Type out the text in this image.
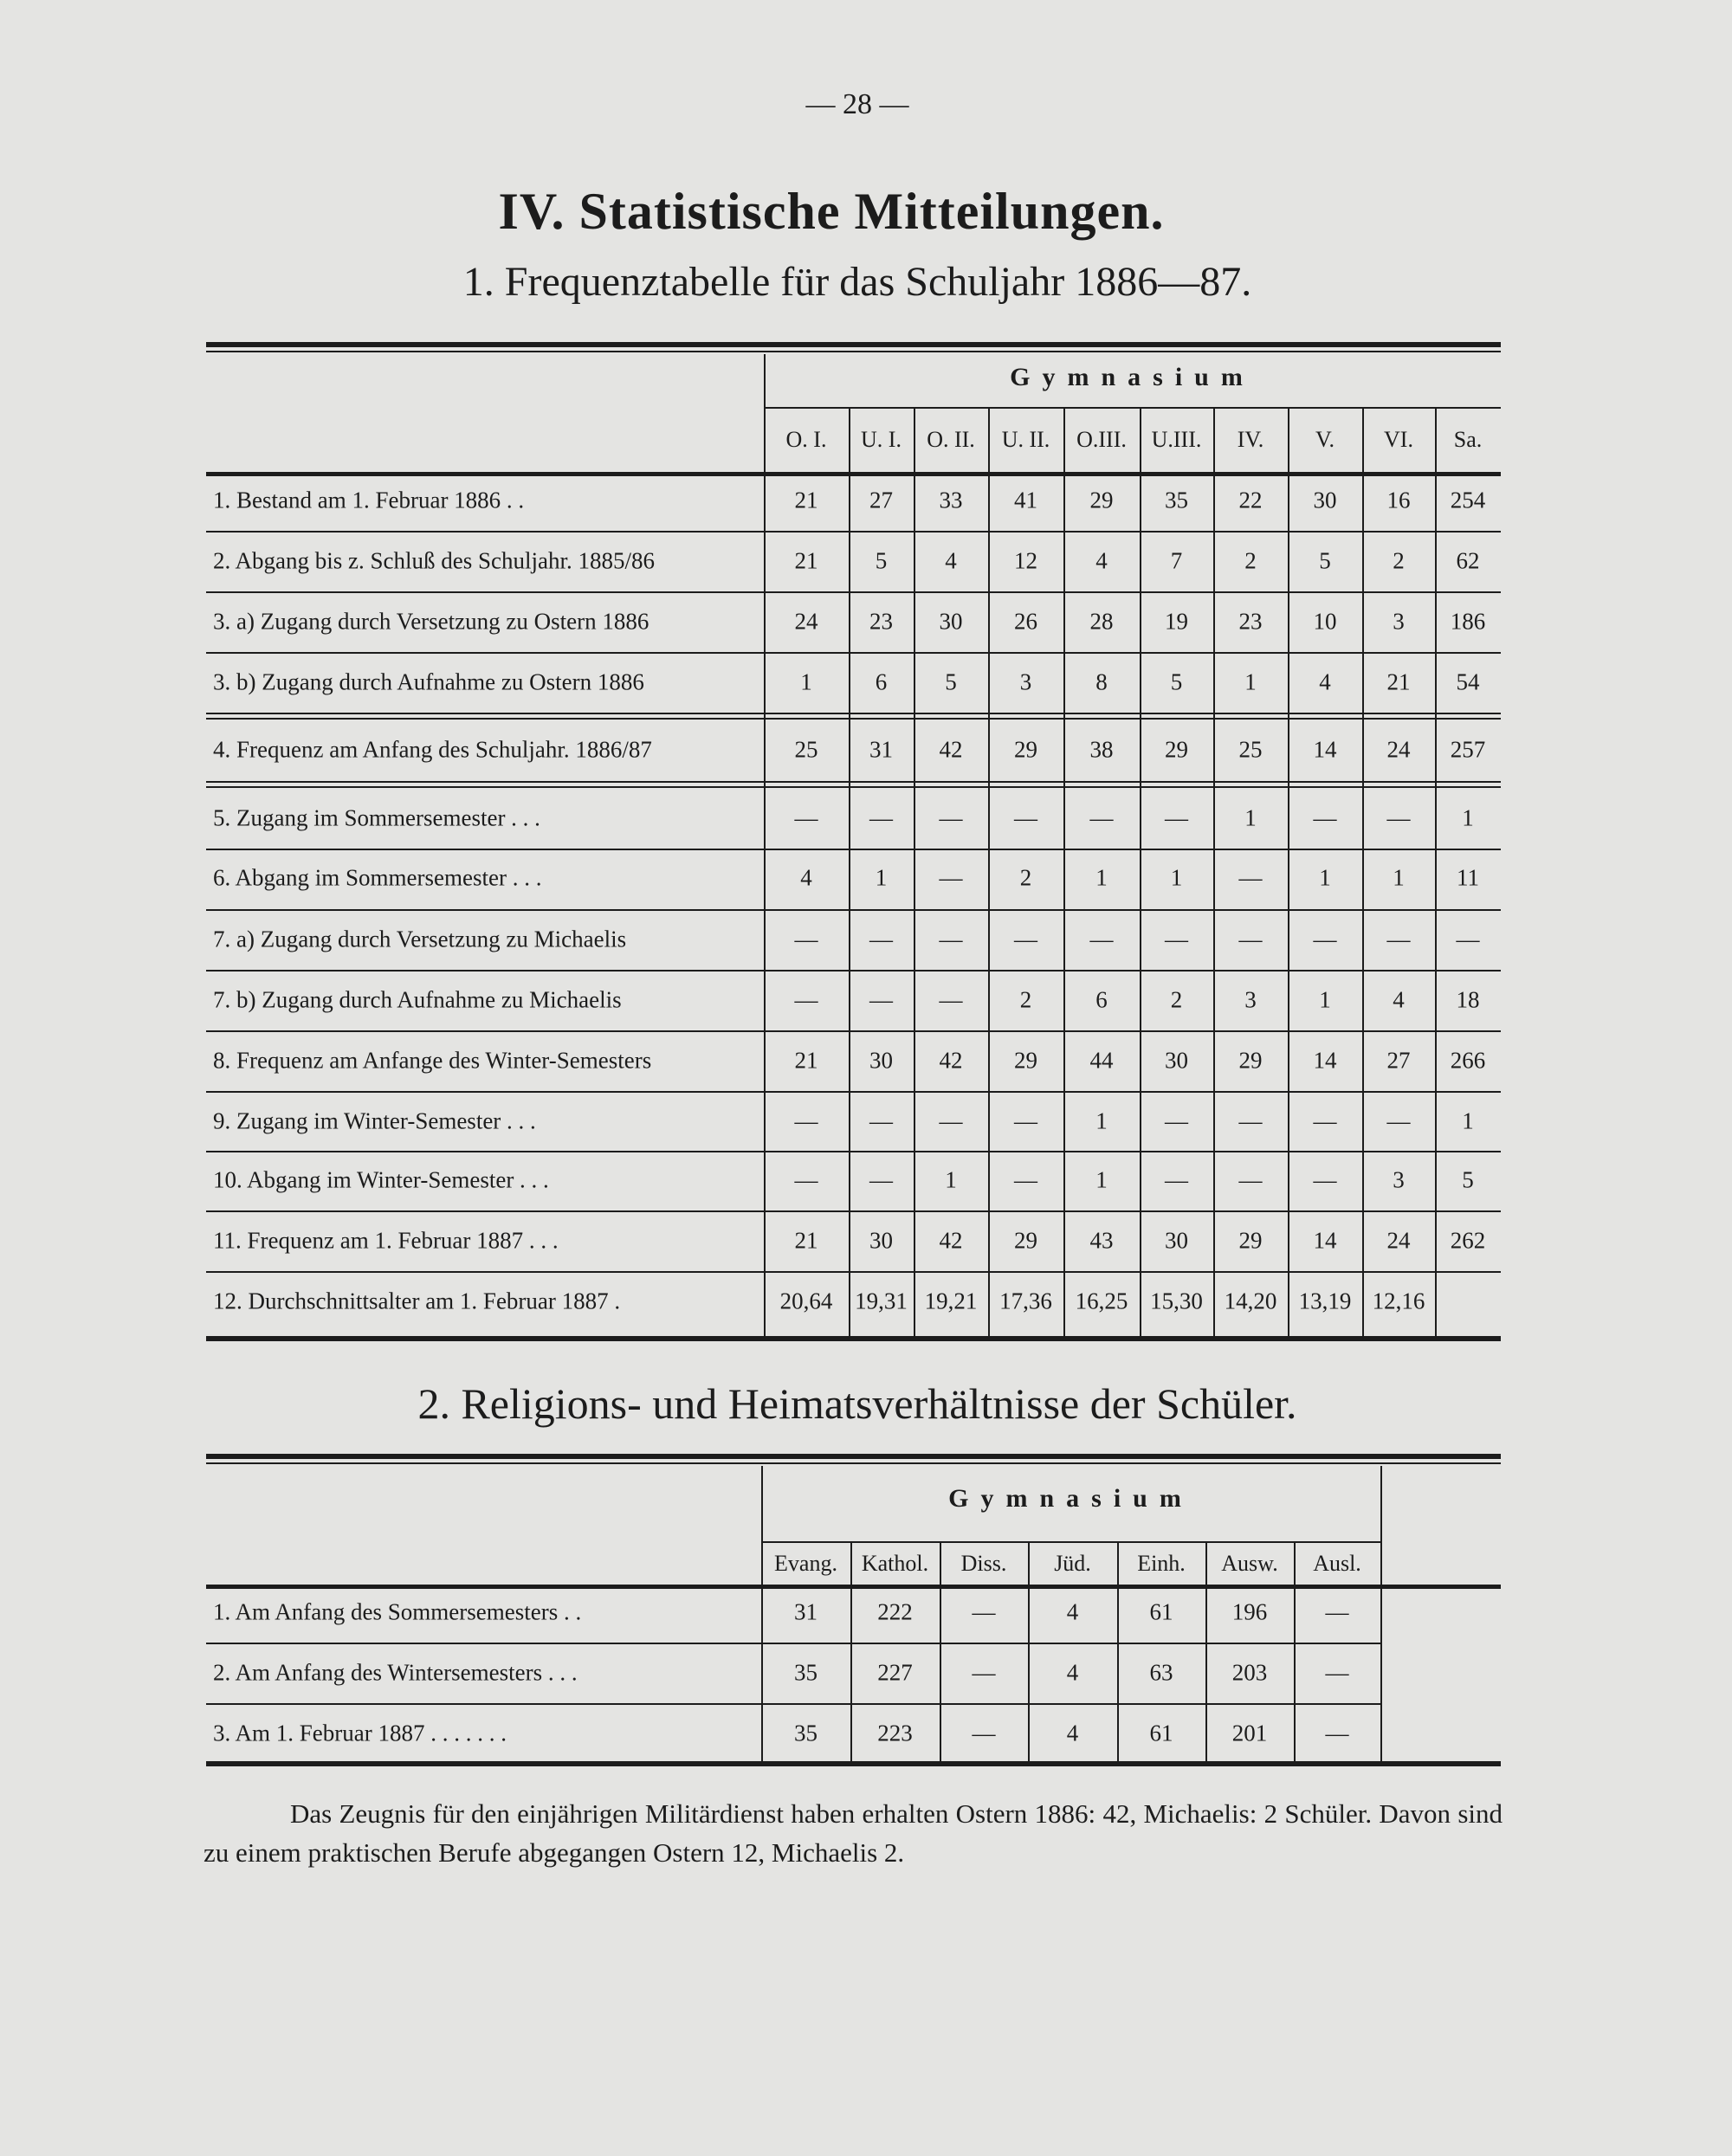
— 28 —
IV. Statistische Mitteilungen.
1. Frequenztabelle für das Schuljahr 1886—87.
Gymnasium
O. I. U. I. O. II. U. II. O.III. U.III. IV. V. VI. Sa.
1. Bestand am 1. Februar 1886 . .	21 27 33 41 29 35 22 30 16 254
2. Abgang bis z. Schluß des Schuljahr. 1885/86	21 5 4 12 4	7	2	5	2 62
3. a) Zugang durch Versetzung zu Ostern 1886	24 23 30 26 28 19 23 10 3 186
3. b) Zugang durch Aufnahme zu Ostern 1886	1	6 5	3	8	5	1	4 21 54
4. Frequenz am Anfang des Schuljahr. 1886/87	25 31 42 29 38 29 25 14 24 257
5. Zugang im Sommersemester . . .	— — — — — — 1 — — 1
6. Abgang im Sommersemester . . .	4	1 — 2	1	1 — 1	1 11
7. a) Zugang durch Versetzung zu Michaelis	— — — — — — — — — —
7. b) Zugang durch Aufnahme zu Michaelis	— — — 2	6	2	3	1	4 18
8. Frequenz am Anfange des Winter-Semesters	21 30 42 29 44 30 29 14 27 266
9. Zugang im Winter-Semester . . .	— — — — 1 — — — — 1
10. Abgang im Winter-Semester . . .	— — 1 — 1 — — — 3 5
11. Frequenz am 1. Februar 1887 . . .	21 30 42 29 43 30 29 14 24 262
12. Durchschnittsalter am 1. Februar 1887 .	20,64 19,31 19,21 17,36 16,25 15,30 14,20 13,19 12,16
2. Religions- und Heimatsverhältnisse der Schüler.
Gymnasium
Evang. Kathol. Diss. Jüd. Einh. Ausw. Ausl.
1. Am Anfang des Sommersemesters . .	31	222	—	4	61	196 —
2. Am Anfang des Wintersemesters . . .	35	227	—	4	63	203 —
3. Am 1. Februar 1887 . . . . . . .	35	223	—	4	61	201 —
Das Zeugnis für den einjährigen Militärdienst haben erhalten Ostern 1886: 42, Michaelis: 2 Schüler. Davon sind zu einem praktischen Berufe abgegangen Ostern 12, Michaelis 2.
